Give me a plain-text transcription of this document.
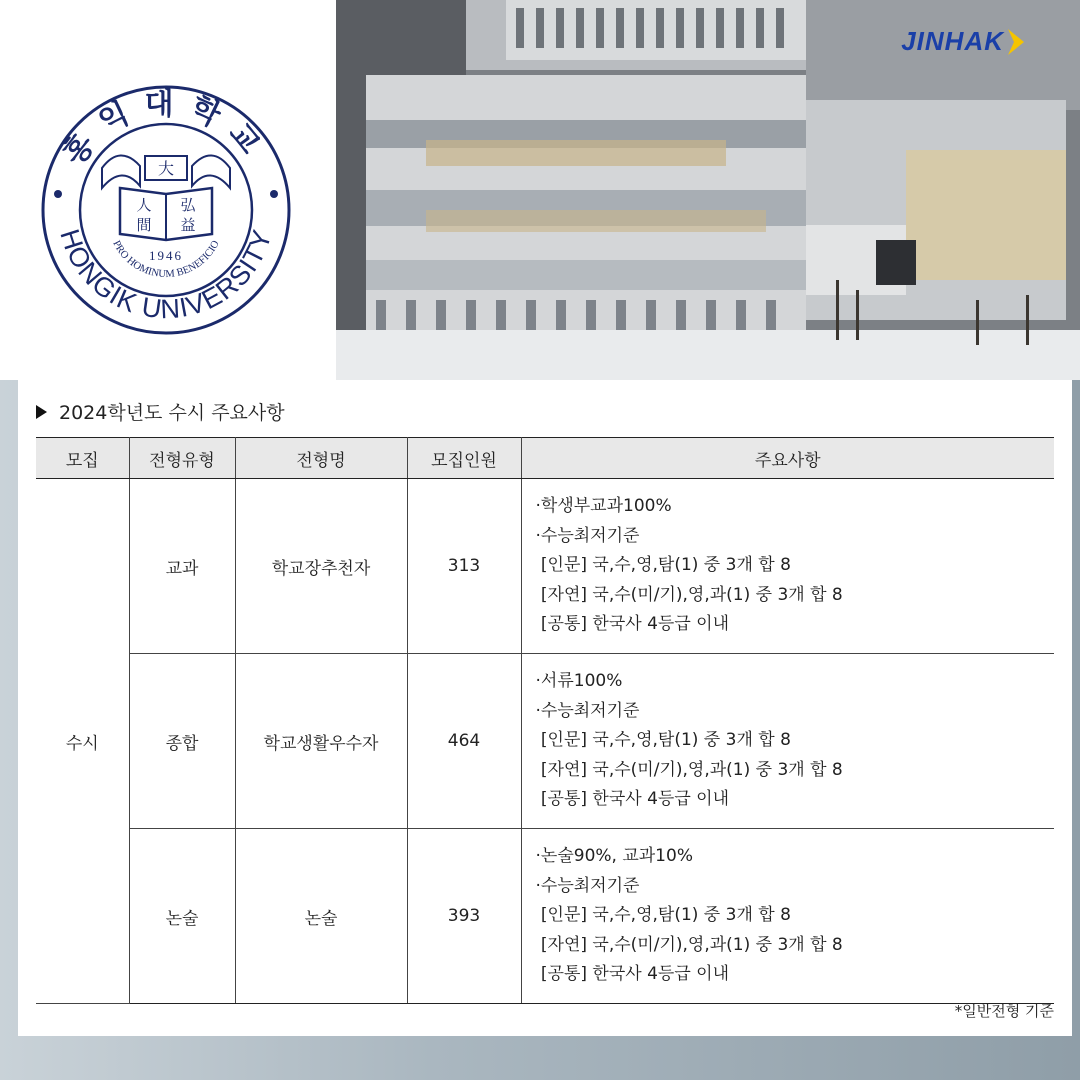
홍익대학교
HONGIK UNIVERSITY
PRO HOMINUM BENEFICIO
大
人
間
弘
益
1946
JINHAK
2024학년도 수시 주요사항
모집	전형유형	전형명	모집인원	주요사항
수시	교과	학교장추천자	313	·학생부교과100%
·수능최저기준
[인문] 국,수,영,탐(1) 중 3개 합 8
[자연] 국,수(미/기),영,과(1) 중 3개 합 8
[공통] 한국사 4등급 이내

	종합	학교생활우수자	464	·서류100%
·수능최저기준
[인문] 국,수,영,탐(1) 중 3개 합 8
[자연] 국,수(미/기),영,과(1) 중 3개 합 8
[공통] 한국사 4등급 이내

	논술	논술	393	·논술90%, 교과10%
·수능최저기준
[인문] 국,수,영,탐(1) 중 3개 합 8
[자연] 국,수(미/기),영,과(1) 중 3개 합 8
[공통] 한국사 4등급 이내
*일반전형 기준
